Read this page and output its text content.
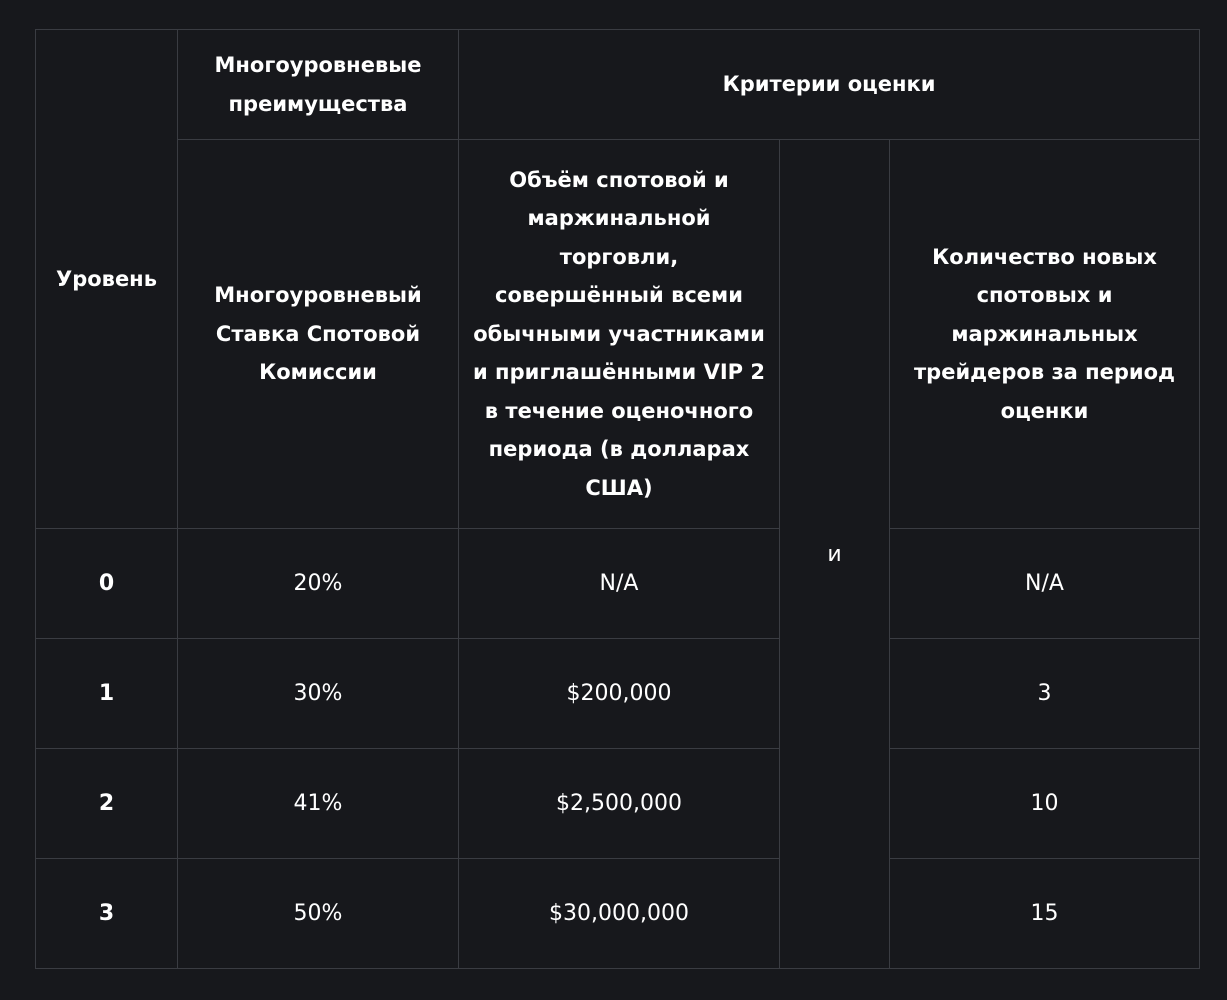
Уровень	Многоуровневые преимущества	Критерии оценки		
	Многоуровневый Ставка Спотовой Комиссии	Объём спотовой и маржинальной торговли, совершённый всеми обычными участниками и приглашёнными VIP 2 в течение оценочного периода (в долларах США)	и	Количество новых спотовых и маржинальных трейдеров за период оценки
0	20%	N/A		N/A
1	30%	$200,000		3
2	41%	$2,500,000		10
3	50%	$30,000,000		15
